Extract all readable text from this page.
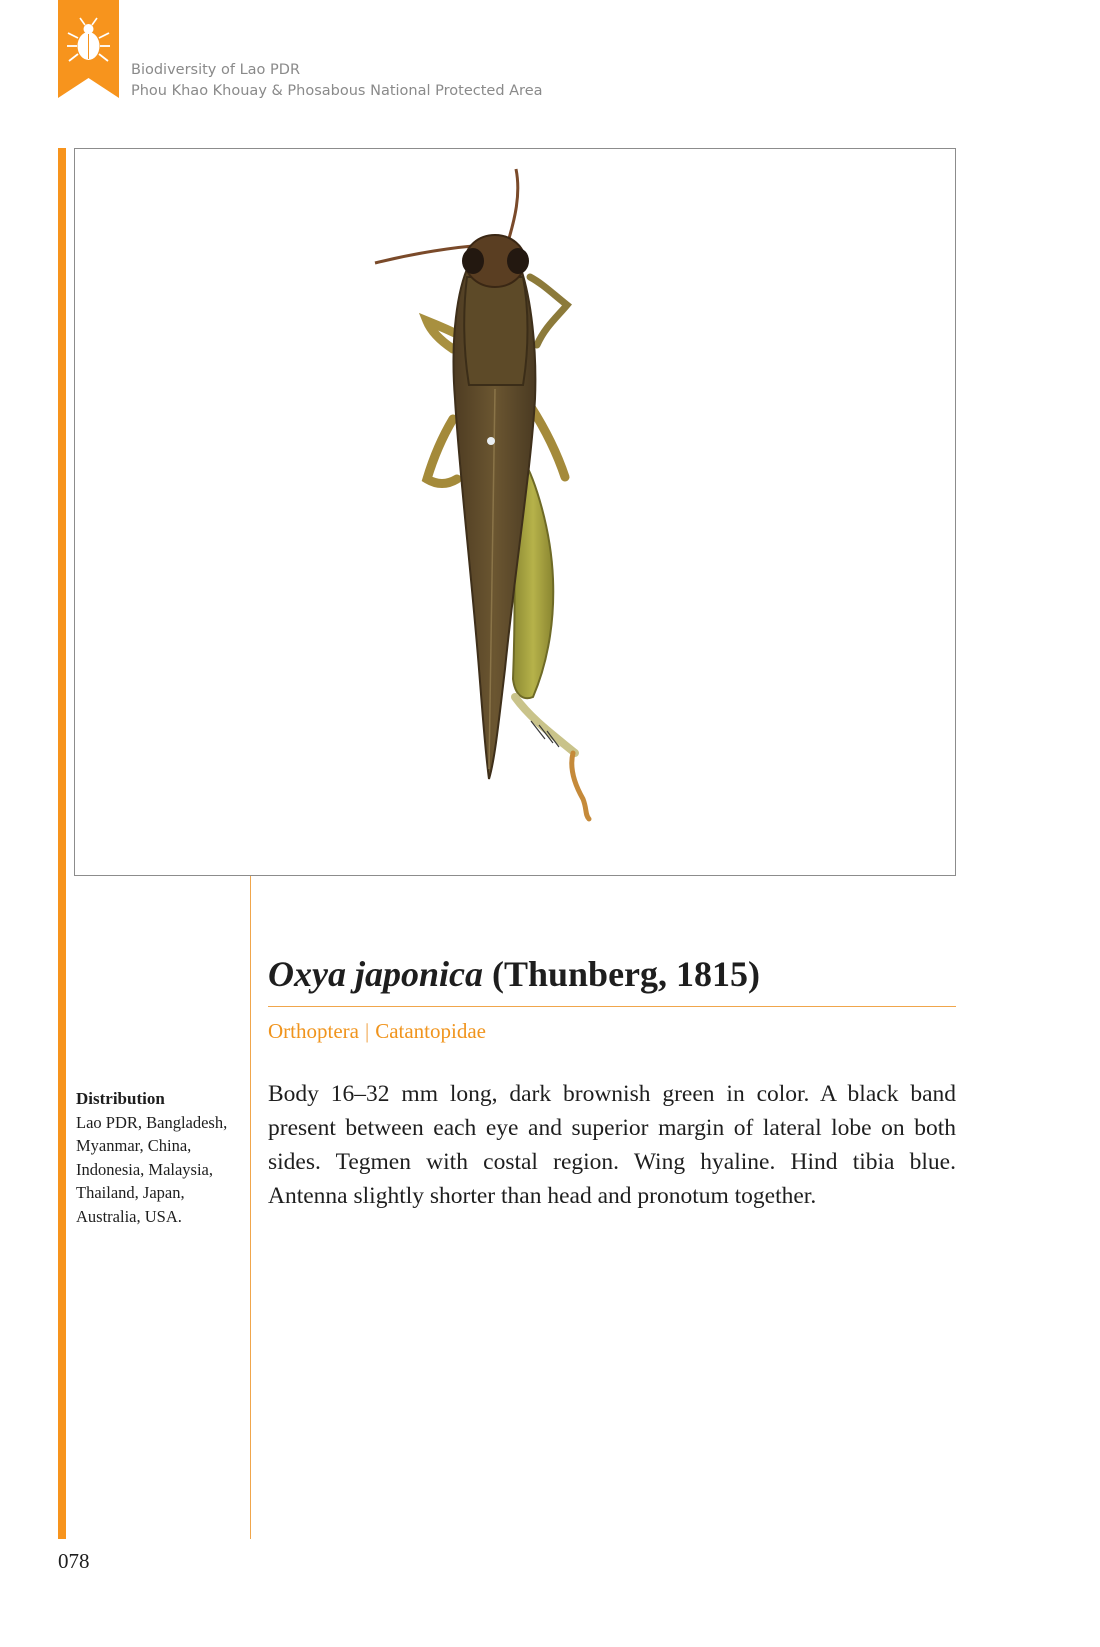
Biodiversity of Lao PDR
Phou Khao Khouay & Phosabous National Protected Area
Oxya japonica (Thunberg, 1815)
Orthoptera | Catantopidae
Distribution
Lao PDR, Bangladesh, Myanmar, China, Indonesia, Malaysia, Thailand, Japan, Australia, USA.

Body 16–32 mm long, dark brownish green in color. A black band present between each eye and superior margin of lateral lobe on both sides. Tegmen with costal region. Wing hyaline. Hind tibia blue. Antenna slightly shorter than head and pronotum together.

078
